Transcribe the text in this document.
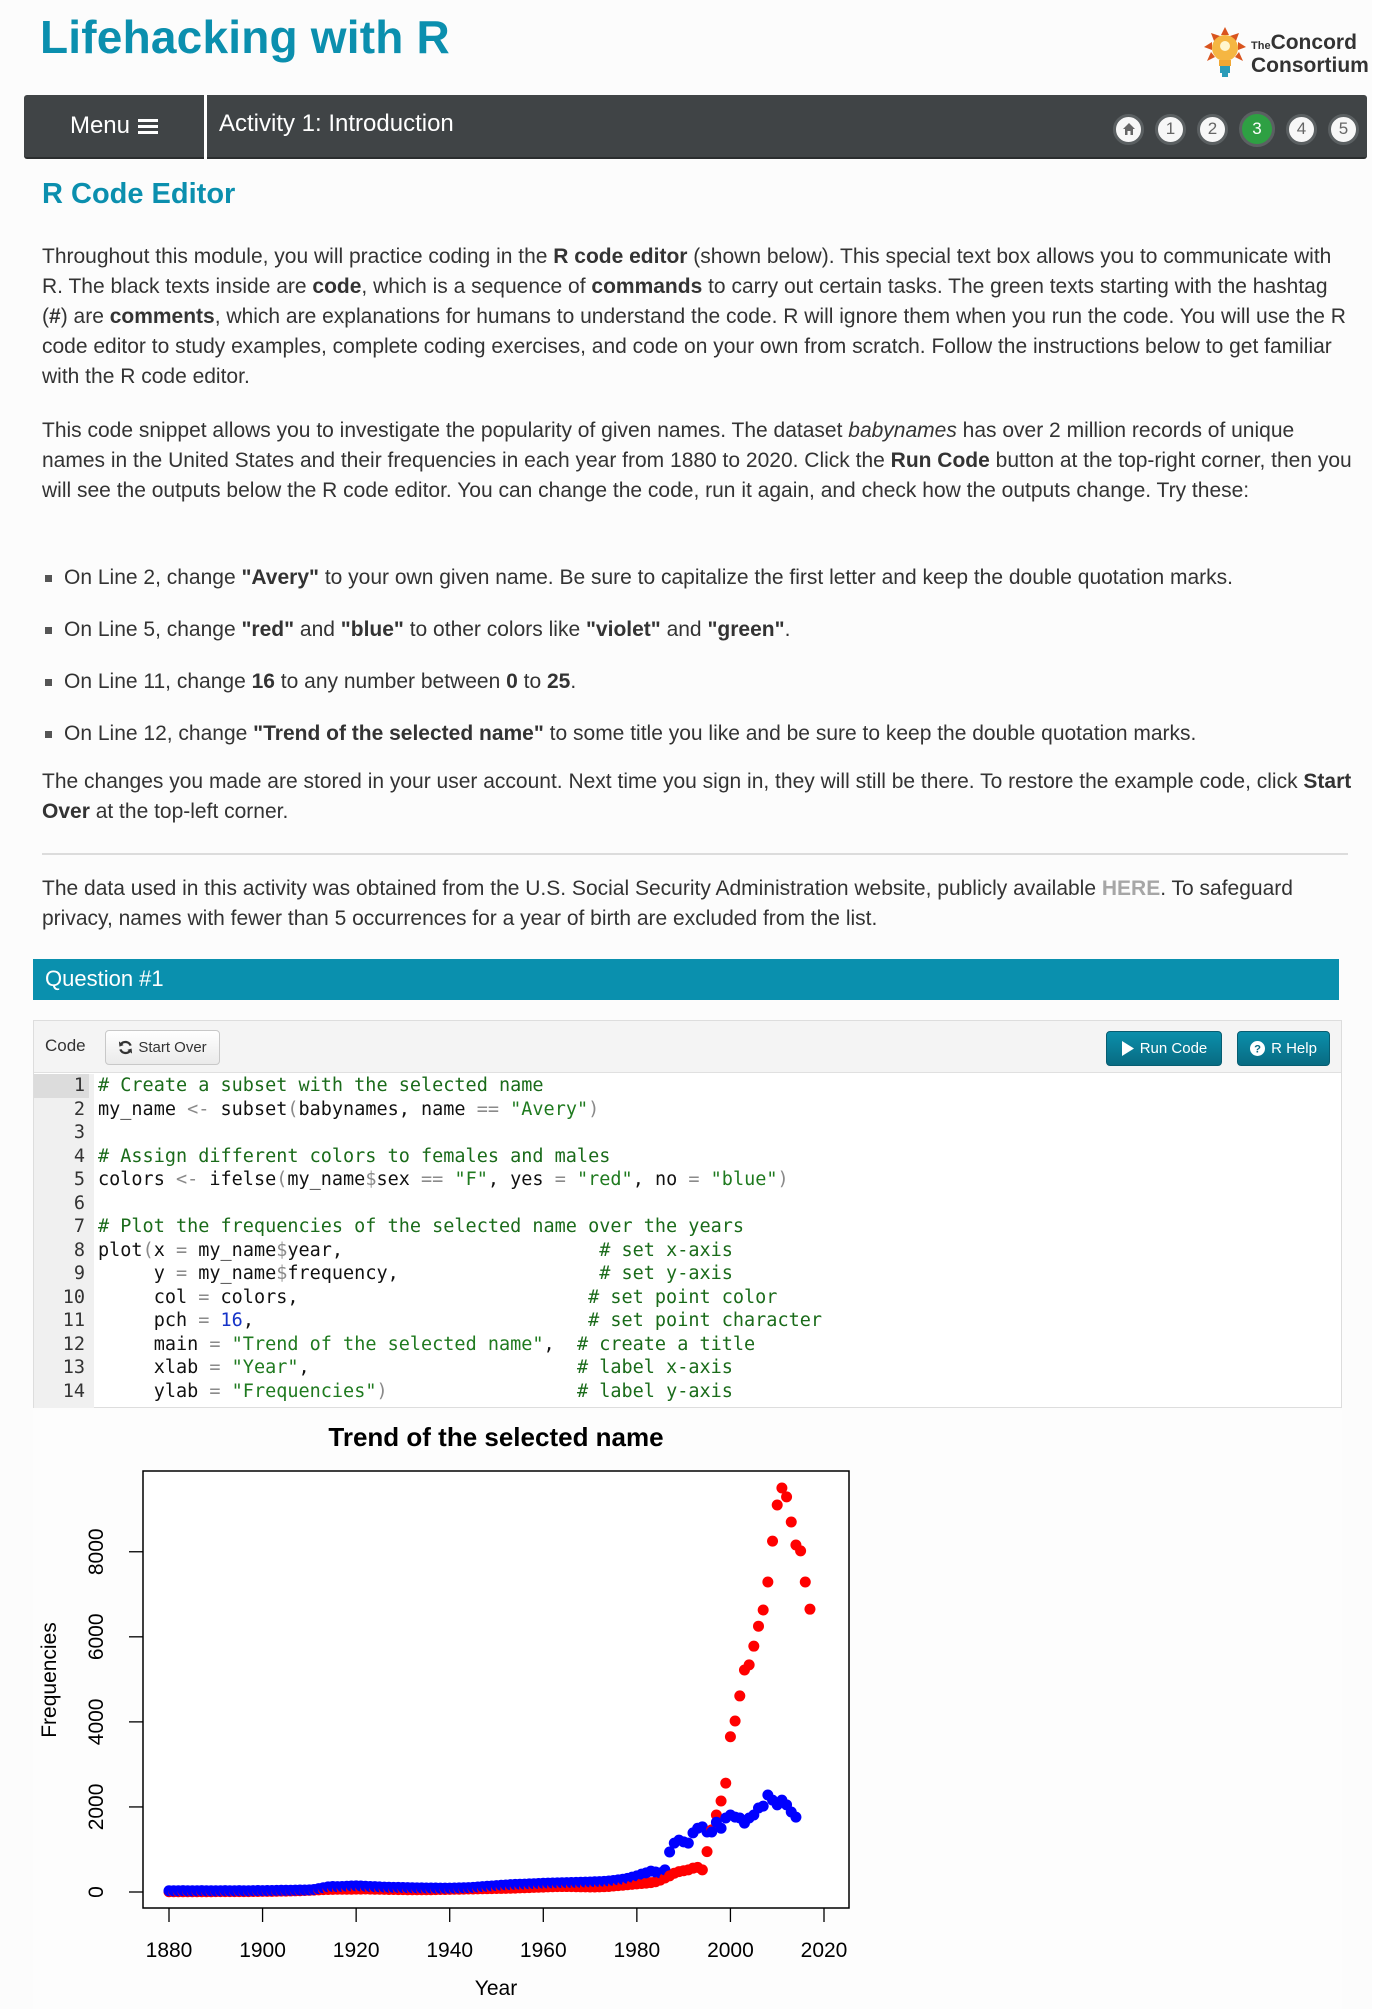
Lifehacking with R	TheConcord
Consortium
Menu	Activity 1: Introduction	1	2	3	4	5
R Code Editor
Throughout this module, you will practice coding in the R code editor (shown below). This special text box allows you to communicate with R. The black texts inside are code, which is a sequence of commands to carry out certain tasks. The green texts starting with the hashtag (#) are comments, which are explanations for humans to understand the code. R will ignore them when you run the code. You will use the R code editor to study examples, complete coding exercises, and code on your own from scratch. Follow the instructions below to get familiar with the R code editor.
This code snippet allows you to investigate the popularity of given names. The dataset babynames has over 2 million records of unique names in the United States and their frequencies in each year from 1880 to 2020. Click the Run Code button at the top-right corner, then you will see the outputs below the R code editor. You can change the code, run it again, and check how the outputs change. Try these:
On Line 2, change "Avery" to your own given name. Be sure to capitalize the first letter and keep the double quotation marks.
On Line 5, change "red" and "blue" to other colors like "violet" and "green".
On Line 11, change 16 to any number between 0 to 25.
On Line 12, change "Trend of the selected name" to some title you like and be sure to keep the double quotation marks.
The changes you made are stored in your user account. Next time you sign in, they will still be there. To restore the example code, click Start Over at the top-left corner.
The data used in this activity was obtained from the U.S. Social Security Administration website, publicly available HERE. To safeguard privacy, names with fewer than 5 occurrences for a year of birth are excluded from the list.
Question #1
Code	Start Over	Run Code	? R Help
1 # Create a subset with the selected name
2 my_name <- subset(babynames, name == "Avery")
3
4 # Assign different colors to females and males
5 colors <- ifelse(my_name$sex == "F", yes = "red", no = "blue")
6
7 # Plot the frequencies of the selected name over the years
8 plot(x = my_name$year,                       # set x-axis
9 y = my_name$frequency,                  # set y-axis
10 col = colors,                          # set point color
11 pch = 16,                              # set point character
12 main = "Trend of the selected name",  # create a title
13 xlab = "Year",                        # label x-axis
14 ylab = "Frequencies")	# label y-axis
Trend of the selected name
1880 1900 1920 1940 1960 1980 2000 2020
0
2000
4000
6000
8000
Year
Frequencies
